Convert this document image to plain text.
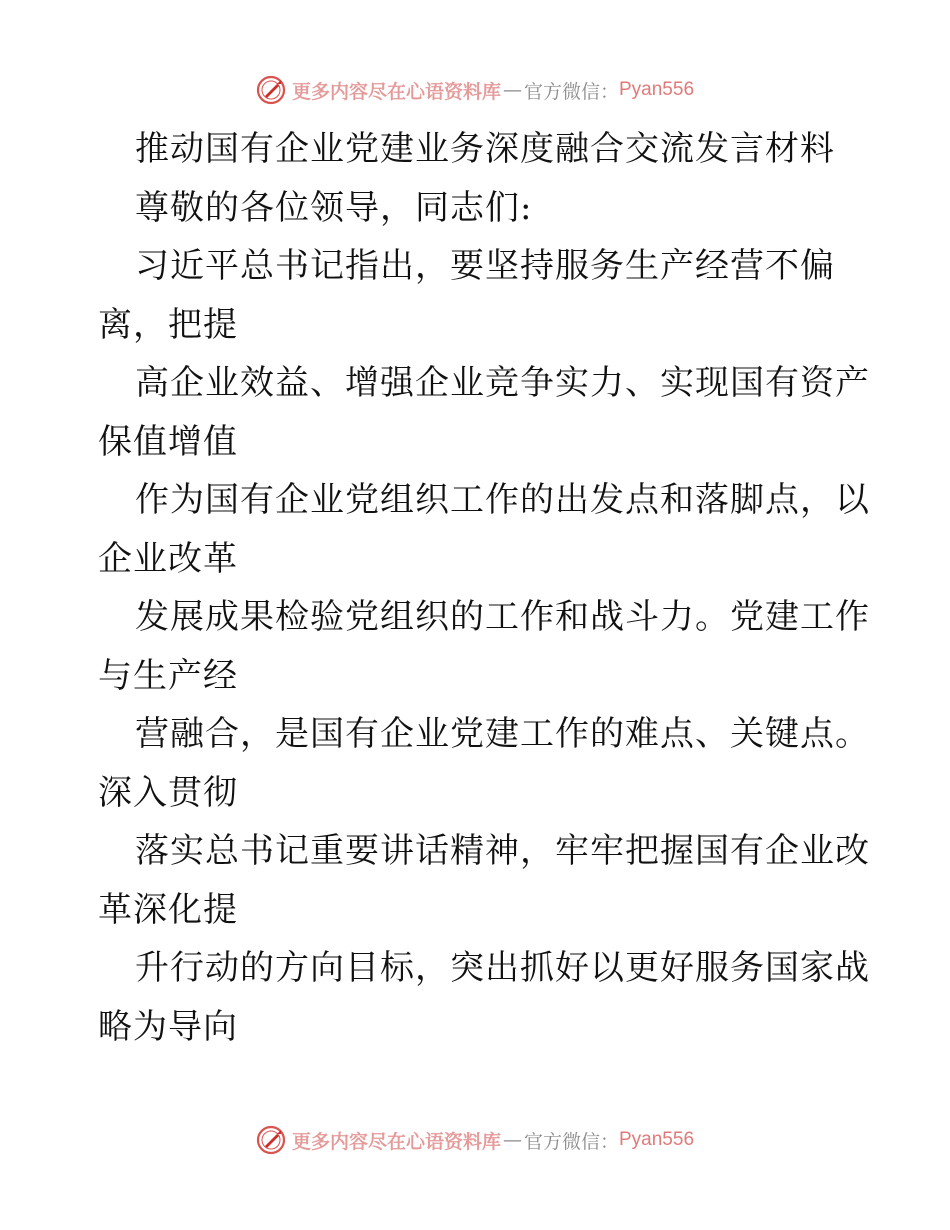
更多内容尽在心语资料库 — 官方微信： Pyan556
推动国有企业党建业务深度融合交流发言材料
尊敬的各位领导，同志们:
习近平总书记指出，要坚持服务生产经营不偏
离，把提
高企业效益、增强企业竞争实力、实现国有资产
保值增值
作为国有企业党组织工作的出发点和落脚点，以
企业改革
发展成果检验党组织的工作和战斗力。党建工作
与生产经
营融合，是国有企业党建工作的难点、关键点。
深入贯彻
落实总书记重要讲话精神，牢牢把握国有企业改
革深化提
升行动的方向目标，突出抓好以更好服务国家战
略为导向
更多内容尽在心语资料库 — 官方微信： Pyan556
